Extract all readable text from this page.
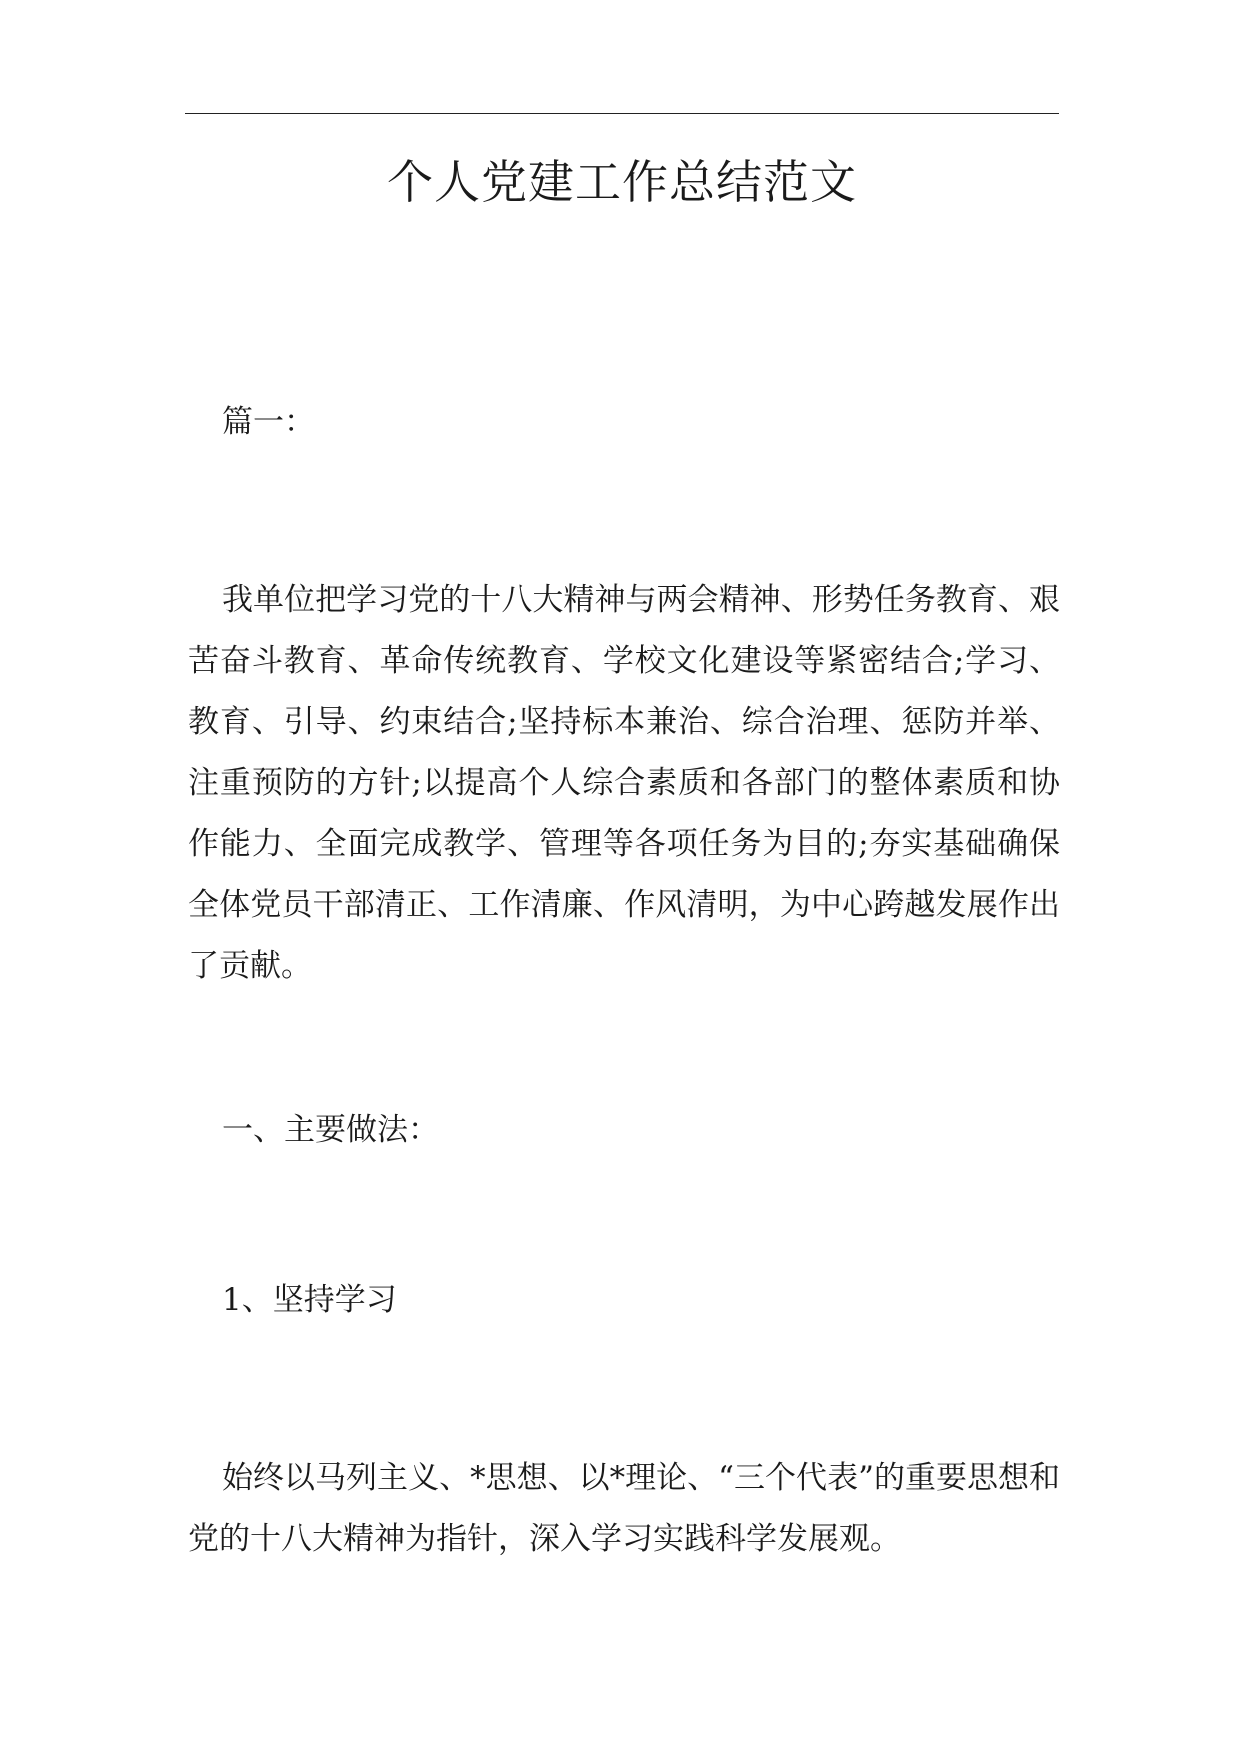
个人党建工作总结范文

篇一：

我单位把学习党的十八大精神与两会精神、形势任务教育、艰苦奋斗教育、革命传统教育、学校文化建设等紧密结合;学习、教育、引导、约束结合;坚持标本兼治、综合治理、惩防并举、注重预防的方针;以提高个人综合素质和各部门的整体素质和协作能力、全面完成教学、管理等各项任务为目的;夯实基础确保全体党员干部清正、工作清廉、作风清明，为中心跨越发展作出了贡献。

一、主要做法：

1、坚持学习

始终以马列主义、*思想、以*理论、“三个代表”的重要思想和党的十八大精神为指针，深入学习实践科学发展观。
